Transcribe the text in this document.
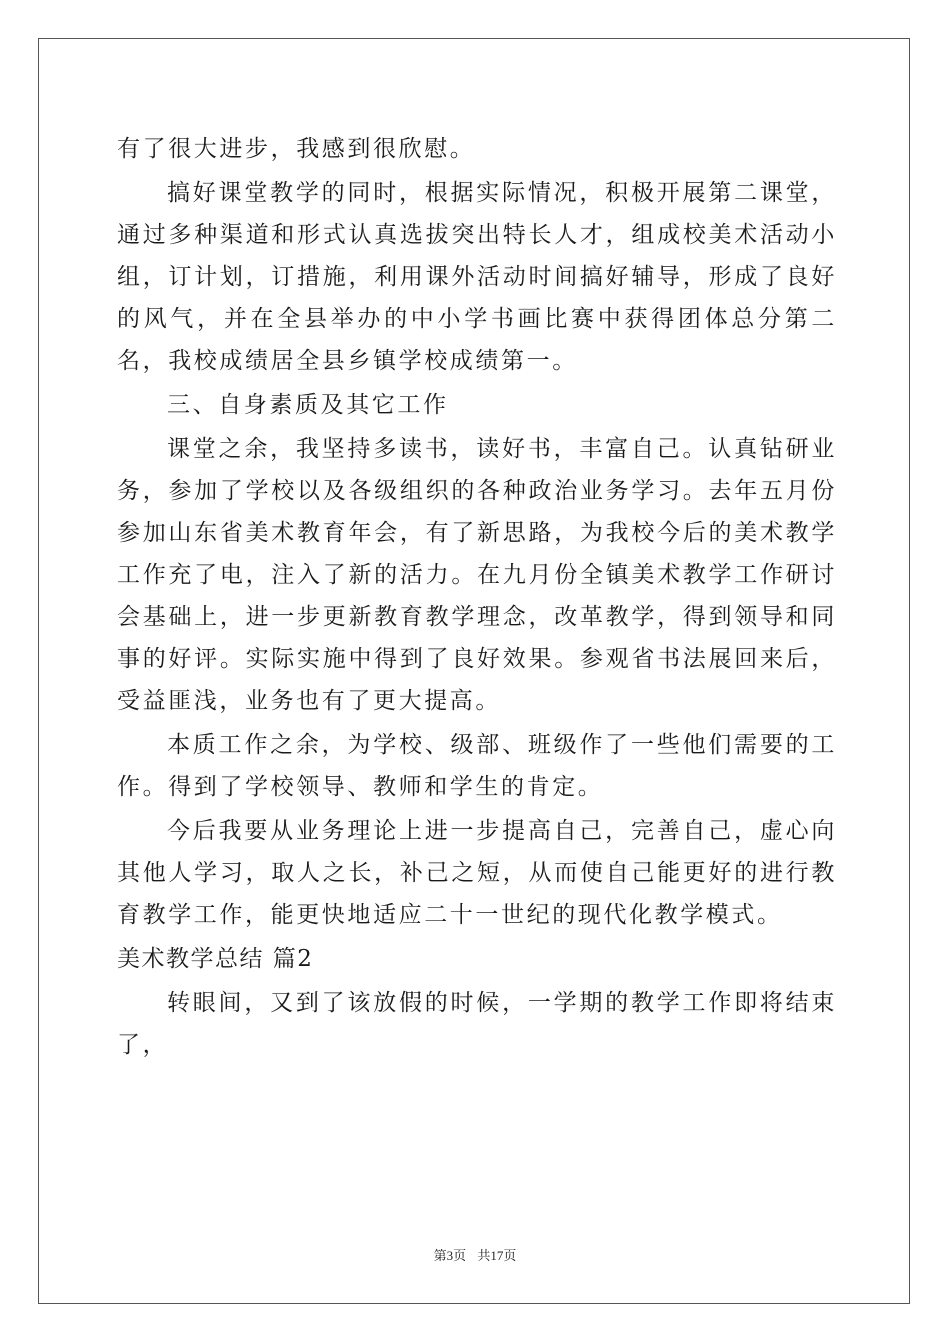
有了很大进步，我感到很欣慰。

搞好课堂教学的同时，根据实际情况，积极开展第二课堂，通过多种渠道和形式认真选拔突出特长人才，组成校美术活动小组，订计划，订措施，利用课外活动时间搞好辅导，形成了良好的风气，并在全县举办的中小学书画比赛中获得团体总分第二名，我校成绩居全县乡镇学校成绩第一。

三、自身素质及其它工作

课堂之余，我坚持多读书，读好书，丰富自己。认真钻研业务，参加了学校以及各级组织的各种政治业务学习。去年五月份参加山东省美术教育年会，有了新思路，为我校今后的美术教学工作充了电，注入了新的活力。在九月份全镇美术教学工作研讨会基础上，进一步更新教育教学理念，改革教学，得到领导和同事的好评。实际实施中得到了良好效果。参观省书法展回来后，受益匪浅，业务也有了更大提高。

本质工作之余，为学校、级部、班级作了一些他们需要的工作。得到了学校领导、教师和学生的肯定。

今后我要从业务理论上进一步提高自己，完善自己，虚心向其他人学习，取人之长，补己之短，从而使自己能更好的进行教育教学工作，能更快地适应二十一世纪的现代化教学模式。

美术教学总结 篇2

转眼间，又到了该放假的时候，一学期的教学工作即将结束了，

第3页 共17页
